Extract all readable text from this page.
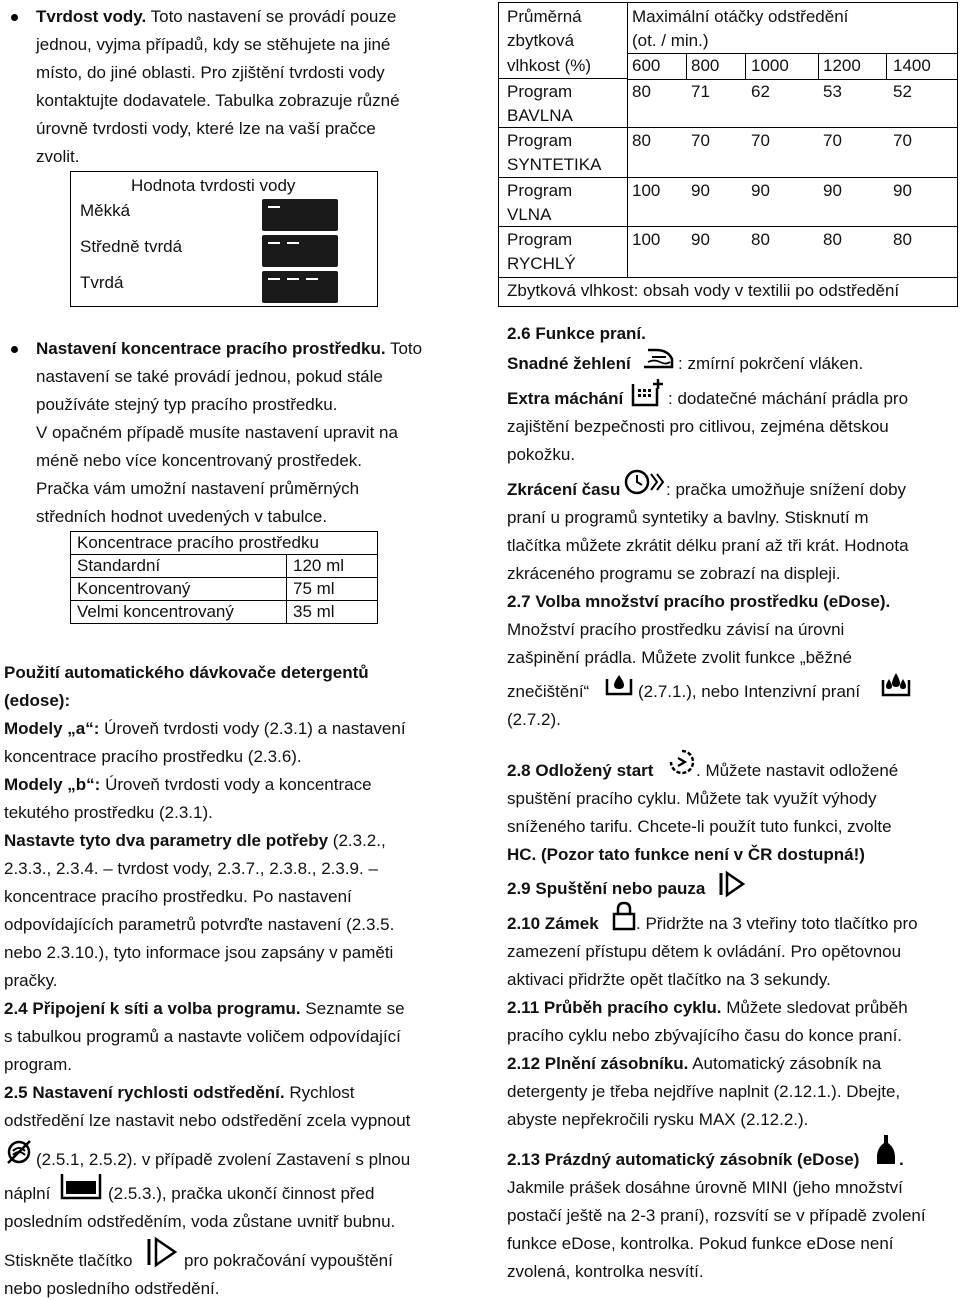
Tvrdost vody. Toto nastavení se provádí pouze
jednou, vyjma případů, kdy se stěhujete na jiné
místo, do jiné oblasti. Pro zjištění tvrdosti vody
kontaktujte dodavatele. Tabulka zobrazuje různé
úrovně tvrdosti vody, které lze na vaší pračce
zvolit.
Hodnota tvrdosti vody
Měkká
Středně tvrdá
Tvrdá
Nastavení koncentrace pracího prostředku. Toto
nastavení se také provádí jednou, pokud stále
používáte stejný typ pracího prostředku.
V opačném případě musíte nastavení upravit na
méně nebo více koncentrovaný prostředek.
Pračka vám umožní nastavení průměrných
středních hodnot uvedených v tabulce.
Koncentrace pracího prostředku	
Standardní	120 ml
Koncentrovaný	75 ml
Velmi koncentrovaný	35 ml
Použití automatického dávkovače detergentů
(edose):
Modely „a“: Úroveň tvrdosti vody (2.3.1) a nastavení
koncentrace pracího prostředku (2.3.6).
Modely „b“: Úroveň tvrdosti vody a koncentrace
tekutého prostředku (2.3.1).
Nastavte tyto dva parametry dle potřeby (2.3.2.,
2.3.3., 2.3.4. – tvrdost vody, 2.3.7., 2.3.8., 2.3.9. –
koncentrace pracího prostředku. Po nastavení
odpovídajících parametrů potvrďte nastavení (2.3.5.
nebo 2.3.10.), tyto informace jsou zapsány v paměti
pračky.
2.4 Připojení k síti a volba programu. Seznamte se
s tabulkou programů a nastavte voličem odpovídající
program.
2.5 Nastavení rychlosti odstředění. Rychlost
odstředění lze nastavit nebo odstředění zcela vypnout
(2.5.1, 2.5.2). v případě zvolení Zastavení s plnou
náplní	(2.5.3.), pračka ukončí činnost před
posledním odstředěním, voda zůstane uvnitř bubnu.
Stiskněte tlačítko	pro pokračování vypouštění
nebo posledního odstředění.
Průměrná
zbytková
vlhkost (%)
Maximální otáčky odstředění
(ot. / min.)
600 800 1000 1200 1400
Program
BAVLNA
80 71 62	53	52
Program
SYNTETIKA
80 70 70	70	70
Program
VLNA
100 90 90	90	90
Program
RYCHLÝ
100 90 80	80	80
Zbytková vlhkost: obsah vody v textilii po odstředění
2.6 Funkce praní.
Snadné žehlení	: zmírní pokrčení vláken.
Extra máchání	: dodatečné máchání prádla pro
zajištění bezpečnosti pro citlivou, zejména dětskou
pokožku.
Zkrácení času	: pračka umožňuje snížení doby
praní u programů syntetiky a bavlny. Stisknutí m
tlačítka můžete zkrátit délku praní až tři krát. Hodnota
zkráceného programu se zobrazí na displeji.
2.7 Volba množství pracího prostředku (eDose).
Množství pracího prostředku závisí na úrovni
zašpinění prádla. Můžete zvolit funkce „běžné
znečištění“	(2.7.1.), nebo Intenzivní praní
(2.7.2).
2.8 Odložený start	. Můžete nastavit odložené
spuštění pracího cyklu. Můžete tak využít výhody
sníženého tarifu. Chcete-li použít tuto funkci, zvolte
HC. (Pozor tato funkce není v ČR dostupná!)
2.9 Spuštění nebo pauza
2.10 Zámek . Přidržte na 3 vteřiny toto tlačítko pro
zamezení přístupu dětem k ovládání. Pro opětovnou
aktivaci přidržte opět tlačítko na 3 sekundy.
2.11 Průběh pracího cyklu. Můžete sledovat průběh
pracího cyklu nebo zbývajícího času do konce praní.
2.12 Plnění zásobníku. Automatický zásobník na
detergenty je třeba nejdříve naplnit (2.12.1.). Dbejte,
abyste nepřekročili rysku MAX (2.12.2.).
2.13 Prázdný automatický zásobník (eDose) .
Jakmile prášek dosáhne úrovně MINI (jeho množství
postačí ještě na 2-3 praní), rozsvítí se v případě zvolení
funkce eDose, kontrolka. Pokud funkce eDose není
zvolená, kontrolka nesvítí.
